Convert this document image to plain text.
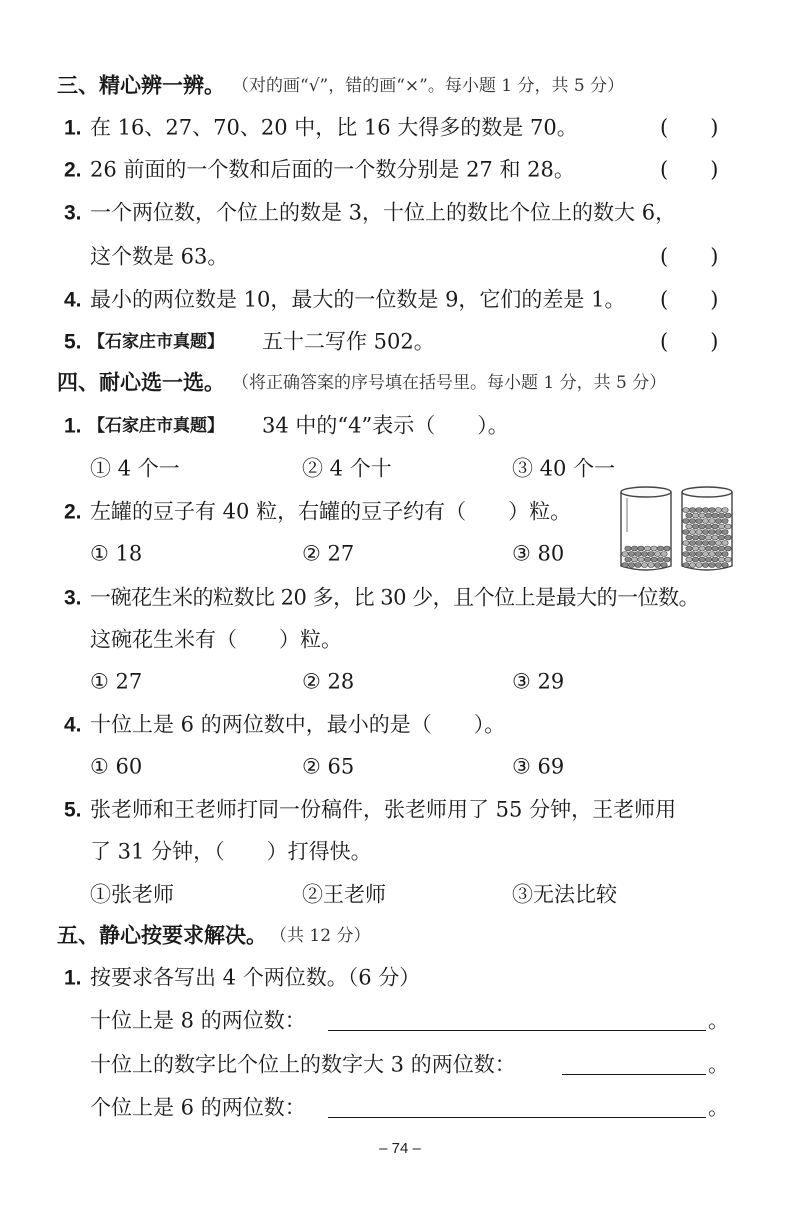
三、精心辨一辨。 （对的画“√”，错的画“×”。每小题 1 分，共 5 分）
1. 在 16、27、70、20 中，比 16 大得多的数是 70。	(　　)
2. 26 前面的一个数和后面的一个数分别是 27 和 28。	(　　)
3. 一个两位数，个位上的数是 3，十位上的数比个位上的数大 6，
这个数是 63。	(　　)
4. 最小的两位数是 10，最大的一位数是 9，它们的差是 1。 (　　)
5. 【石家庄市真题】 五十二写作 502。	(　　)
四、耐心选一选。 （将正确答案的序号填在括号里。每小题 1 分，共 5 分）
1. 【石家庄市真题】 34 中的“4”表示（　　）。
① 4 个一	② 4 个十	③ 40 个一
2. 左罐的豆子有 40 粒，右罐的豆子约有（　　）粒。
① 18	② 27	③ 80
3. 一碗花生米的粒数比 20 多，比 30 少，且个位上是最大的一位数。
这碗花生米有（　　）粒。
① 27	② 28	③ 29
4. 十位上是 6 的两位数中，最小的是（　　）。
① 60	② 65	③ 69
5. 张老师和王老师打同一份稿件，张老师用了 55 分钟，王老师用
了 31 分钟，（　　）打得快。
①张老师	②王老师	③无法比较
五、静心按要求解决。 （共 12 分）
1. 按要求各写出 4 个两位数。（6 分）
十位上是 8 的两位数：	。
十位上的数字比个位上的数字大 3 的两位数：	。
个位上是 6 的两位数：	。
– 74 –
